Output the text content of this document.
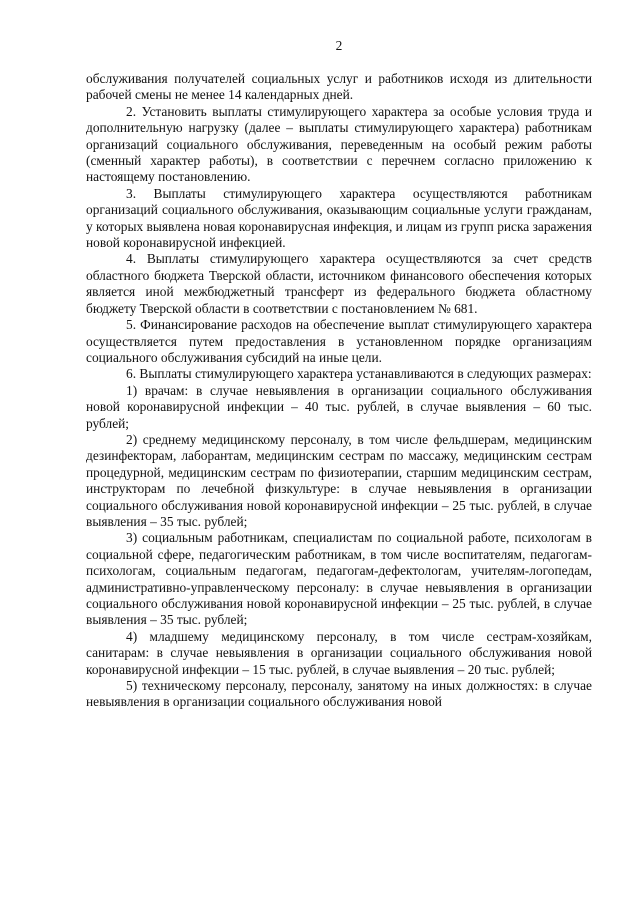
2

обслуживания получателей социальных услуг и работников исходя из длительности рабочей смены не менее 14 календарных дней.

2. Установить выплаты стимулирующего характера за особые условия труда и дополнительную нагрузку (далее – выплаты стимулирующего характера) работникам организаций социального обслуживания, переведенным на особый режим работы (сменный характер работы), в соответствии с перечнем согласно приложению к настоящему постановлению.

3. Выплаты стимулирующего характера осуществляются работникам организаций социального обслуживания, оказывающим социальные услуги гражданам, у которых выявлена новая коронавирусная инфекция, и лицам из групп риска заражения новой коронавирусной инфекцией.

4. Выплаты стимулирующего характера осуществляются за счет средств областного бюджета Тверской области, источником финансового обеспечения которых является иной межбюджетный трансферт из федерального бюджета областному бюджету Тверской области в соответствии с постановлением № 681.

5. Финансирование расходов на обеспечение выплат стимулирующего характера осуществляется путем предоставления в установленном порядке организациям социального обслуживания субсидий на иные цели.

6. Выплаты стимулирующего характера устанавливаются в следующих размерах:

1) врачам: в случае невыявления в организации социального обслуживания новой коронавирусной инфекции – 40 тыс. рублей, в случае выявления – 60 тыс. рублей;

2) среднему медицинскому персоналу, в том числе фельдшерам, медицинским дезинфекторам, лаборантам, медицинским сестрам по массажу, медицинским сестрам процедурной, медицинским сестрам по физиотерапии, старшим медицинским сестрам, инструкторам по лечебной физкультуре: в случае невыявления в организации социального обслуживания новой коронавирусной инфекции – 25 тыс. рублей, в случае выявления – 35 тыс. рублей;

3) социальным работникам, специалистам по социальной работе, психологам в социальной сфере, педагогическим работникам, в том числе воспитателям, педагогам-психологам, социальным педагогам, педагогам-дефектологам, учителям-логопедам, административно-управленческому персоналу: в случае невыявления в организации социального обслуживания новой коронавирусной инфекции – 25 тыс. рублей, в случае выявления – 35 тыс. рублей;

4) младшему медицинскому персоналу, в том числе сестрам-хозяйкам, санитарам: в случае невыявления в организации социального обслуживания новой коронавирусной инфекции – 15 тыс. рублей, в случае выявления – 20 тыс. рублей;

5) техническому персоналу, персоналу, занятому на иных должностях: в случае невыявления в организации социального обслуживания новой
